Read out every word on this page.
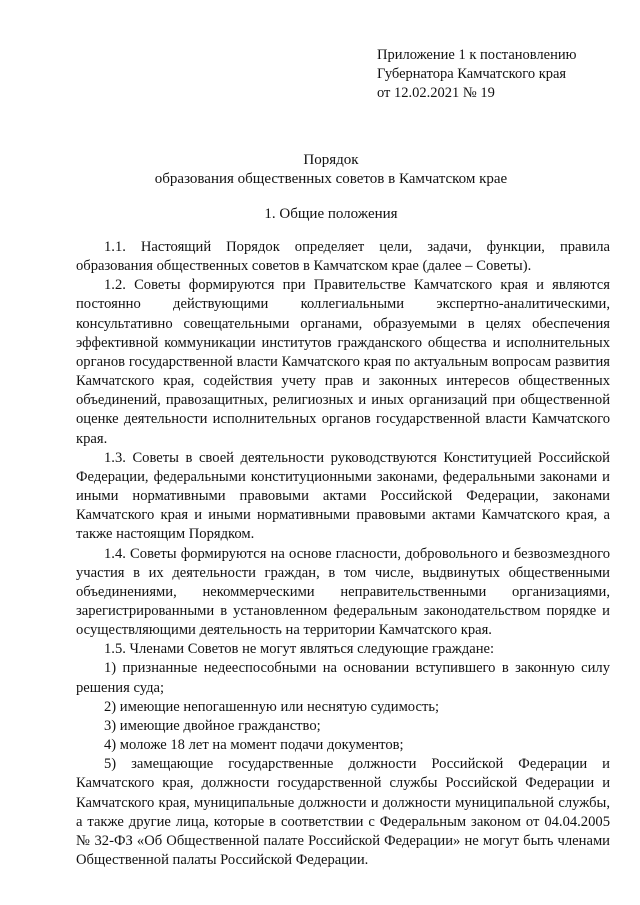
Приложение 1 к постановлению
Губернатора Камчатского края
от 12.02.2021 № 19
Порядок
образования общественных советов в Камчатском крае
1. Общие положения

1.1. Настоящий Порядок определяет цели, задачи, функции, правила образования общественных советов в Камчатском крае (далее – Советы).

1.2. Советы формируются при Правительстве Камчатского края и являются постоянно действующими коллегиальными экспертно-аналитическими, консультативно совещательными органами, образуемыми в целях обеспечения эффективной коммуникации институтов гражданского общества и исполнительных органов государственной власти Камчатского края по актуальным вопросам развития Камчатского края, содействия учету прав и законных интересов общественных объединений, правозащитных, религиозных и иных организаций при общественной оценке деятельности исполнительных органов государственной власти Камчатского края.

1.3. Советы в своей деятельности руководствуются Конституцией Российской Федерации, федеральными конституционными законами, федеральными законами и иными нормативными правовыми актами Российской Федерации, законами Камчатского края и иными нормативными правовыми актами Камчатского края, а также настоящим Порядком.

1.4. Советы формируются на основе гласности, добровольного и безвозмездного участия в их деятельности граждан, в том числе, выдвинутых общественными объединениями, некоммерческими неправительственными организациями, зарегистрированными в установленном федеральным законодательством порядке и осуществляющими деятельность на территории Камчатского края.

1.5. Членами Советов не могут являться следующие граждане:

1) признанные недееспособными на основании вступившего в законную силу решения суда;

2) имеющие непогашенную или неснятую судимость;

3) имеющие двойное гражданство;

4) моложе 18 лет на момент подачи документов;

5) замещающие государственные должности Российской Федерации и Камчатского края, должности государственной службы Российской Федерации и Камчатского края, муниципальные должности и должности муниципальной службы, а также другие лица, которые в соответствии с Федеральным законом от 04.04.2005 № 32-ФЗ «Об Общественной палате Российской Федерации» не могут быть членами Общественной палаты Российской Федерации.
